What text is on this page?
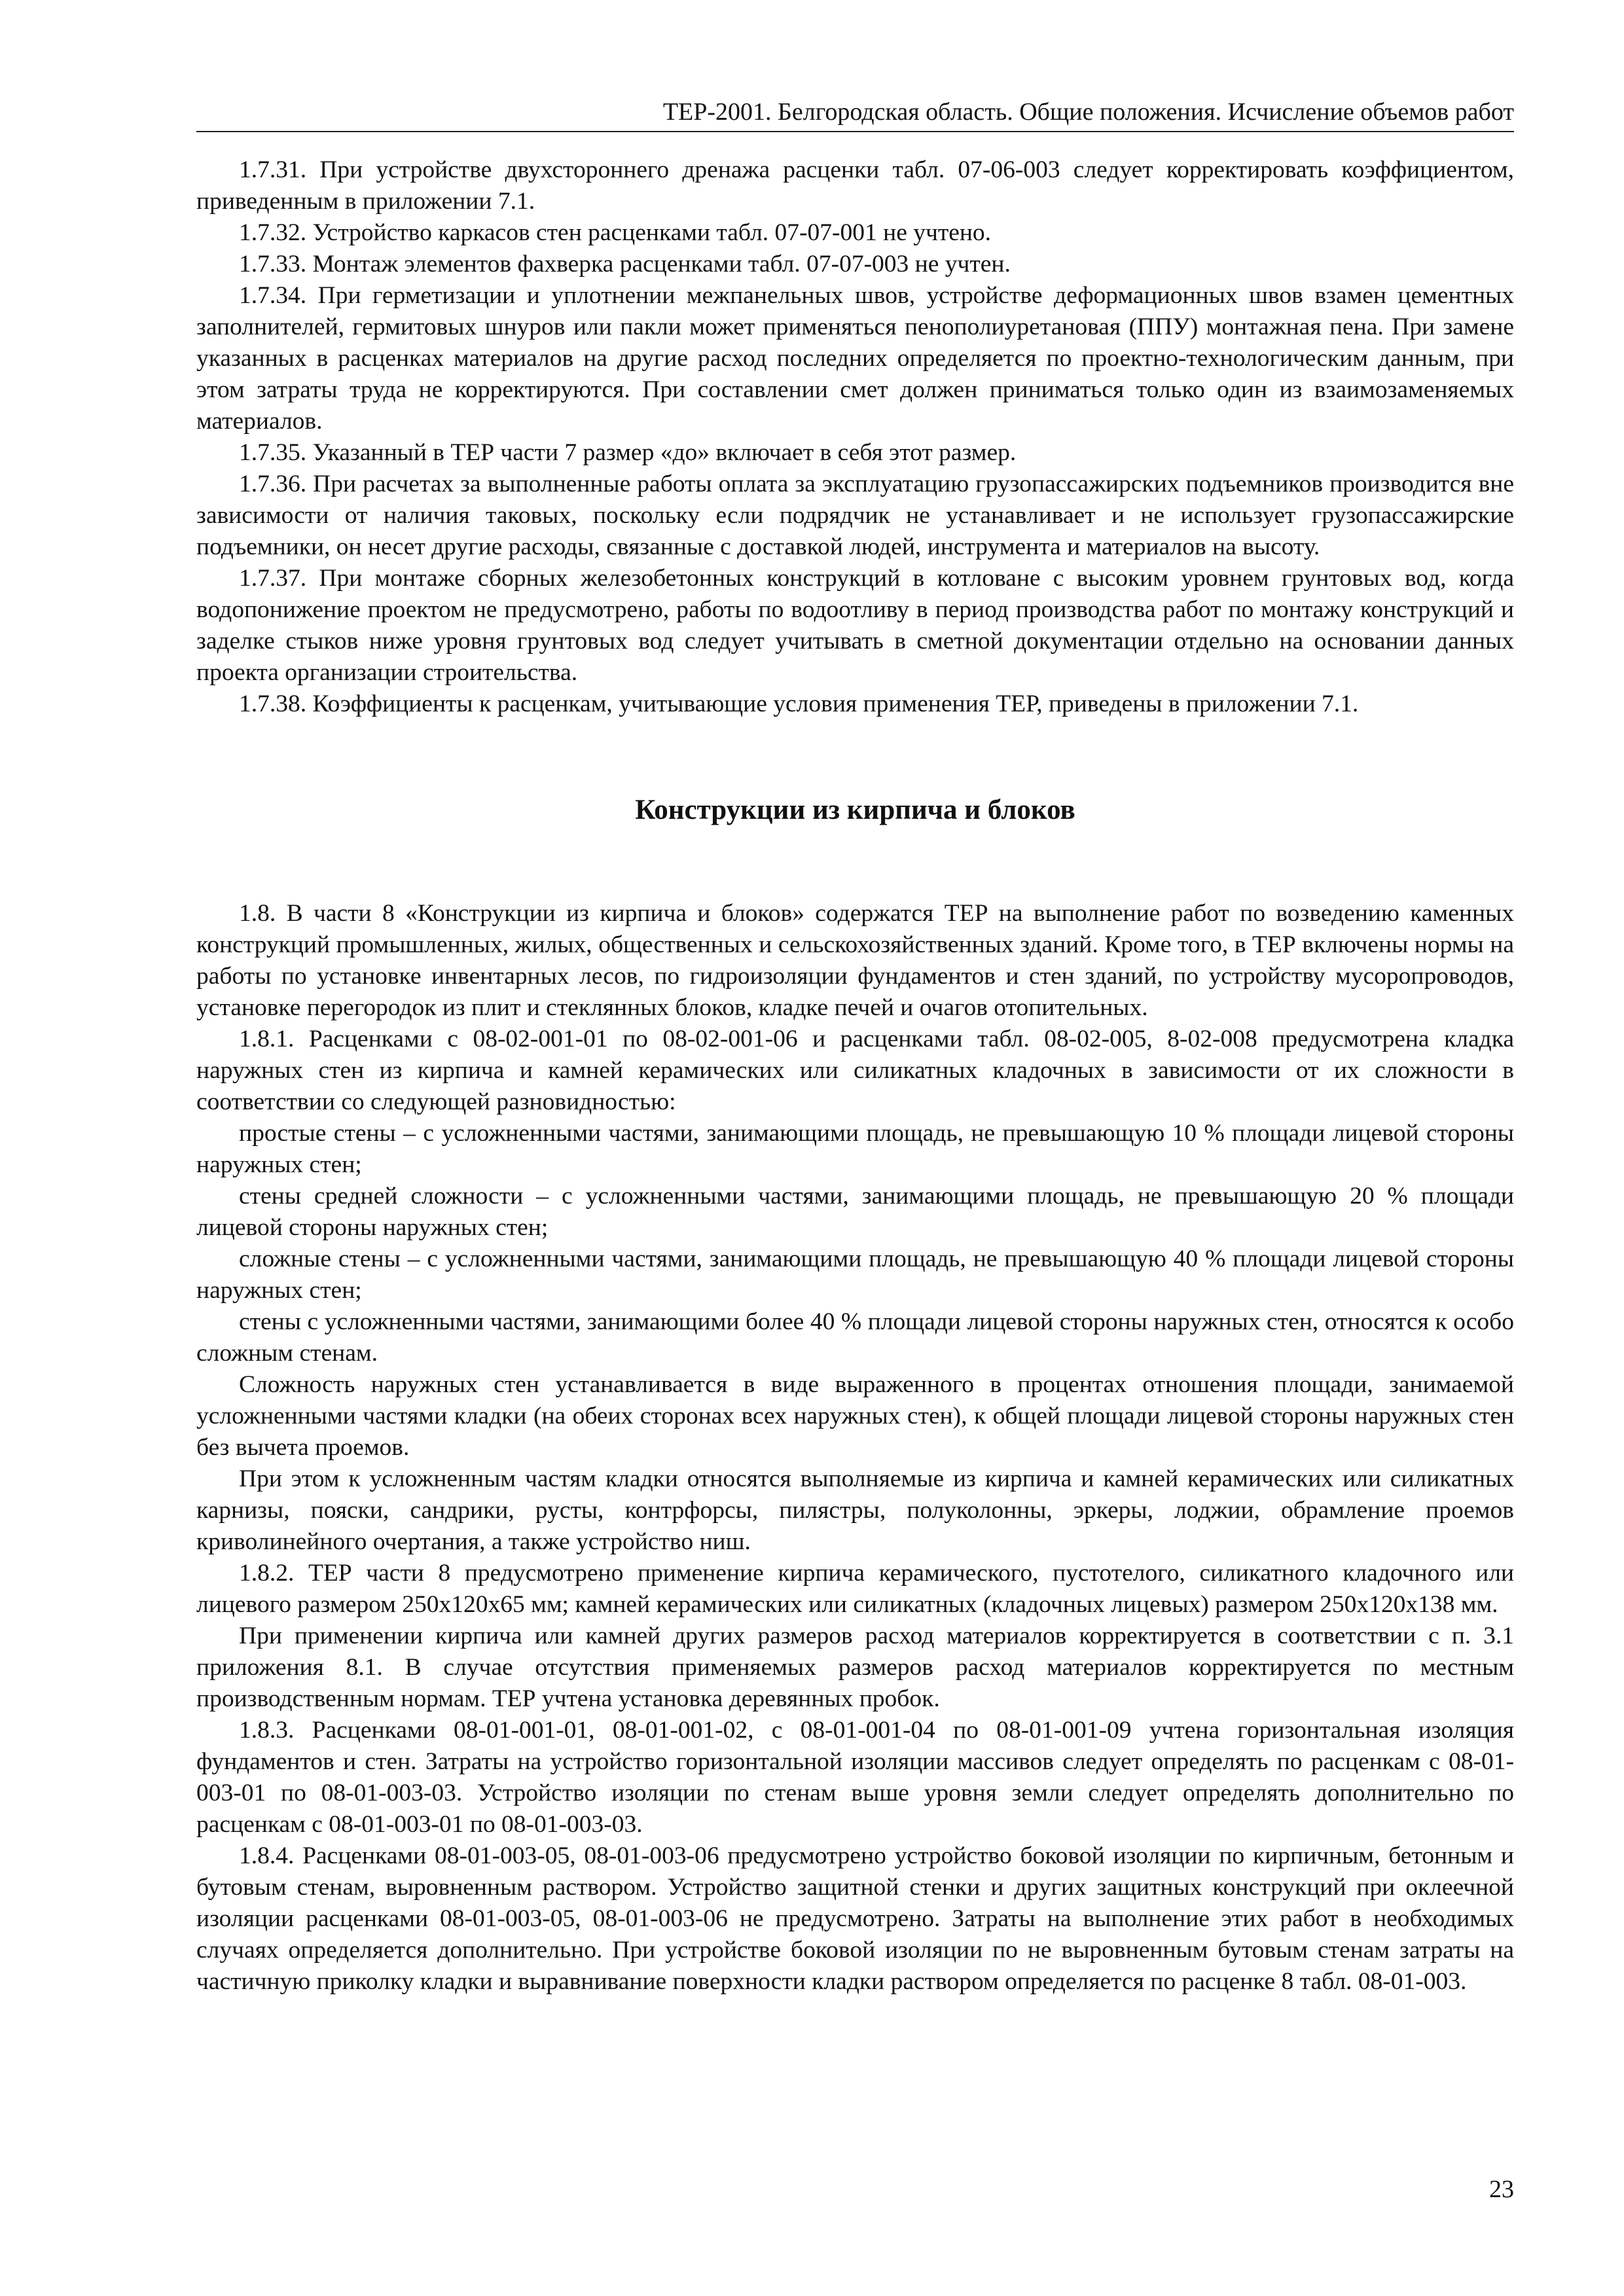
ТЕР-2001. Белгородская область. Общие положения. Исчисление объемов работ

1.7.31. При устройстве двухстороннего дренажа расценки табл. 07-06-003 следует корректировать коэффициентом, приведенным в приложении 7.1.

1.7.32. Устройство каркасов стен расценками табл. 07-07-001 не учтено.

1.7.33. Монтаж элементов фахверка расценками табл. 07-07-003 не учтен.

1.7.34. При герметизации и уплотнении межпанельных швов, устройстве деформационных швов взамен цементных заполнителей, гермитовых шнуров или пакли может применяться пенополиуретановая (ППУ) монтажная пена. При замене указанных в расценках материалов на другие расход последних определяется по проектно-технологическим данным, при этом затраты труда не корректируются. При составлении смет должен приниматься только один из взаимозаменяемых материалов.

1.7.35. Указанный в ТЕР части 7 размер «до» включает в себя этот размер.

1.7.36. При расчетах за выполненные работы оплата за эксплуатацию грузопассажирских подъемников производится вне зависимости от наличия таковых, поскольку если подрядчик не устанавливает и не использует грузопассажирские подъемники, он несет другие расходы, связанные с доставкой людей, инструмента и материалов на высоту.

1.7.37. При монтаже сборных железобетонных конструкций в котловане с высоким уровнем грунтовых вод, когда водопонижение проектом не предусмотрено, работы по водоотливу в период производства работ по монтажу конструкций и заделке стыков ниже уровня грунтовых вод следует учитывать в сметной документации отдельно на основании данных проекта организации строительства.

1.7.38. Коэффициенты к расценкам, учитывающие условия применения ТЕР, приведены в приложении 7.1.

Конструкции из кирпича и блоков

1.8. В части 8 «Конструкции из кирпича и блоков» содержатся ТЕР на выполнение работ по возведению каменных конструкций промышленных, жилых, общественных и сельскохозяйственных зданий. Кроме того, в ТЕР включены нормы на работы по установке инвентарных лесов, по гидроизоляции фундаментов и стен зданий, по устройству мусоропроводов, установке перегородок из плит и стеклянных блоков, кладке печей и очагов отопительных.

1.8.1. Расценками с 08-02-001-01 по 08-02-001-06 и расценками табл. 08-02-005, 8-02-008 предусмотрена кладка наружных стен из кирпича и камней керамических или силикатных кладочных в зависимости от их сложности в соответствии со следующей разновидностью:

простые стены – с усложненными частями, занимающими площадь, не превышающую 10 % площади лицевой стороны наружных стен;

стены средней сложности – с усложненными частями, занимающими площадь, не превышающую 20 % площади лицевой стороны наружных стен;

сложные стены – с усложненными частями, занимающими площадь, не превышающую 40 % площади лицевой стороны наружных стен;

стены с усложненными частями, занимающими более 40 % площади лицевой стороны наружных стен, относятся к особо сложным стенам.

Сложность наружных стен устанавливается в виде выраженного в процентах отношения площади, занимаемой усложненными частями кладки (на обеих сторонах всех наружных стен), к общей площади лицевой стороны наружных стен без вычета проемов.

При этом к усложненным частям кладки относятся выполняемые из кирпича и камней керамических или силикатных карнизы, пояски, сандрики, русты, контрфорсы, пилястры, полуколонны, эркеры, лоджии, обрамление проемов криволинейного очертания, а также устройство ниш.

1.8.2. ТЕР части 8 предусмотрено применение кирпича керамического, пустотелого, силикатного кладочного или лицевого размером 250x120x65 мм; камней керамических или силикатных (кладочных лицевых) размером 250x120x138 мм.

При применении кирпича или камней других размеров расход материалов корректируется в соответствии с п. 3.1 приложения 8.1. В случае отсутствия применяемых размеров расход материалов корректируется по местным производственным нормам. ТЕР учтена установка деревянных пробок.

1.8.3. Расценками 08-01-001-01, 08-01-001-02, с 08-01-001-04 по 08-01-001-09 учтена горизонтальная изоляция фундаментов и стен. Затраты на устройство горизонтальной изоляции массивов следует определять по расценкам с 08-01-003-01 по 08-01-003-03. Устройство изоляции по стенам выше уровня земли следует определять дополнительно по расценкам с 08-01-003-01 по 08-01-003-03.

1.8.4. Расценками 08-01-003-05, 08-01-003-06 предусмотрено устройство боковой изоляции по кирпичным, бетонным и бутовым стенам, выровненным раствором. Устройство защитной стенки и других защитных конструкций при оклеечной изоляции расценками 08-01-003-05, 08-01-003-06 не предусмотрено. Затраты на выполнение этих работ в необходимых случаях определяется дополнительно. При устройстве боковой изоляции по не выровненным бутовым стенам затраты на частичную приколку кладки и выравнивание поверхности кладки раствором определяется по расценке 8 табл. 08-01-003.

23
